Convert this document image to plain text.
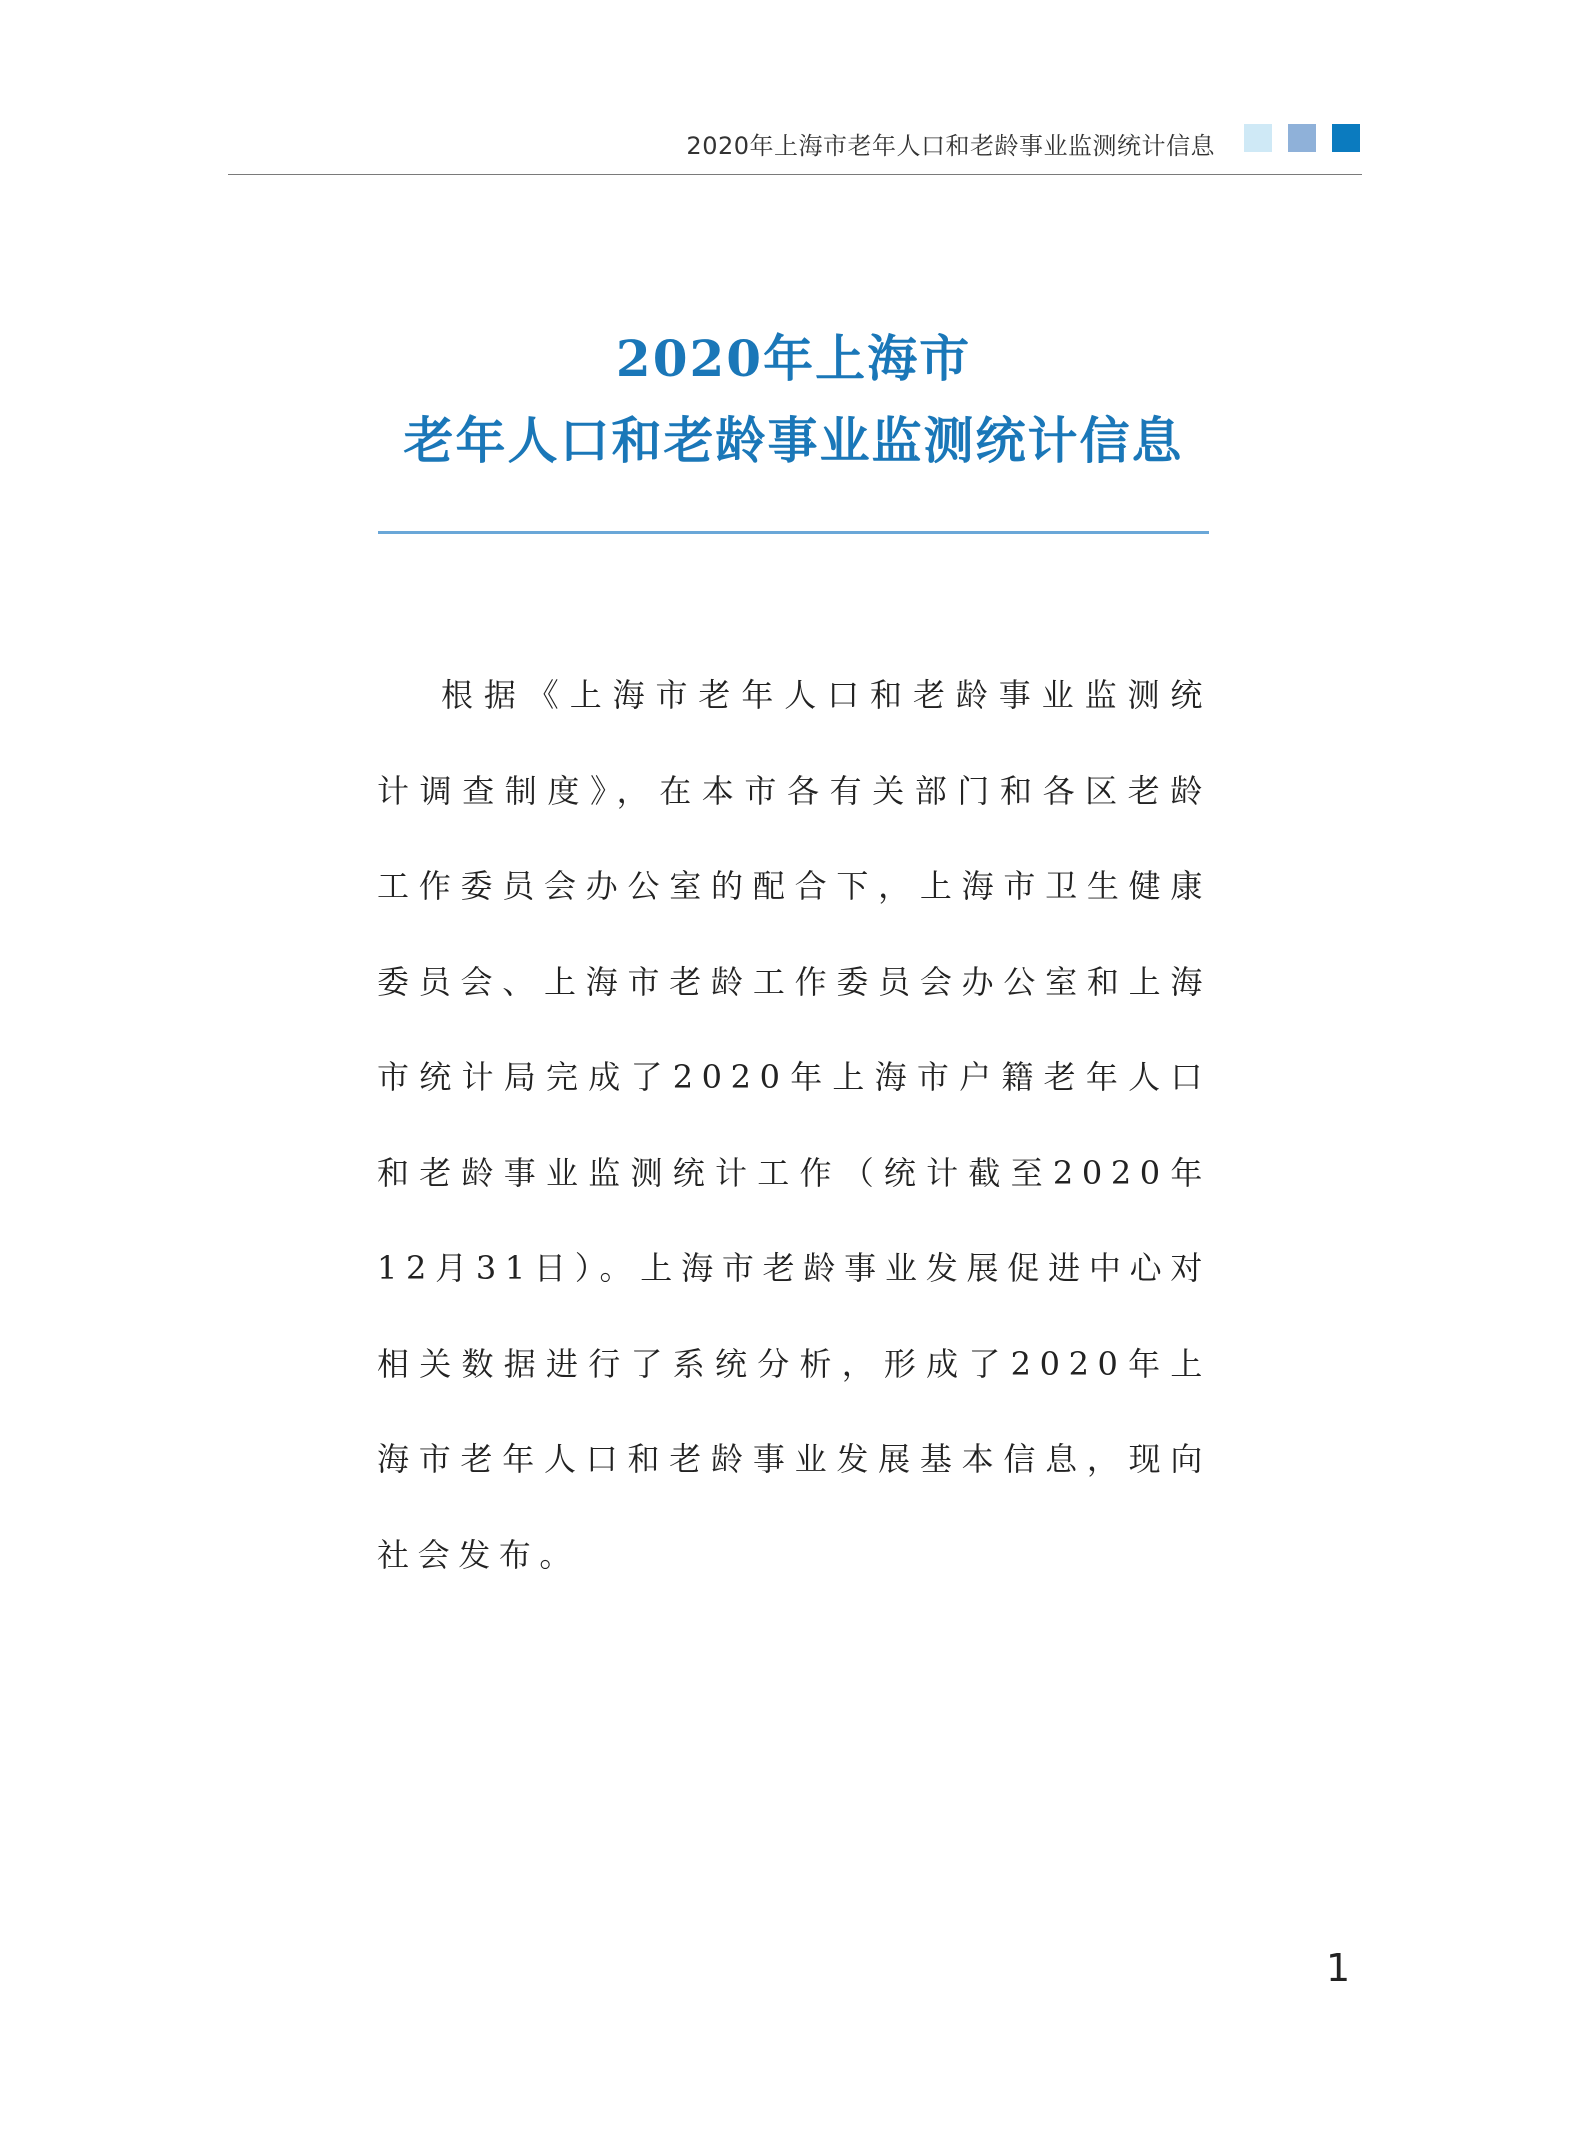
2020年上海市老年人口和老龄事业监测统计信息
2020年上海市
老年人口和老龄事业监测统计信息

根据《上海市老年人口和老龄事业监测统计调查制度》，在本市各有关部门和各区老龄工作委员会办公室的配合下，上海市卫生健康委员会、上海市老龄工作委员会办公室和上海市统计局完成了2020年上海市户籍老年人口和老龄事业监测统计工作（统计截至2020年12月31日）。上海市老龄事业发展促进中心对相关数据进行了系统分析，形成了2020年上海市老年人口和老龄事业发展基本信息，现向社会发布。

1
